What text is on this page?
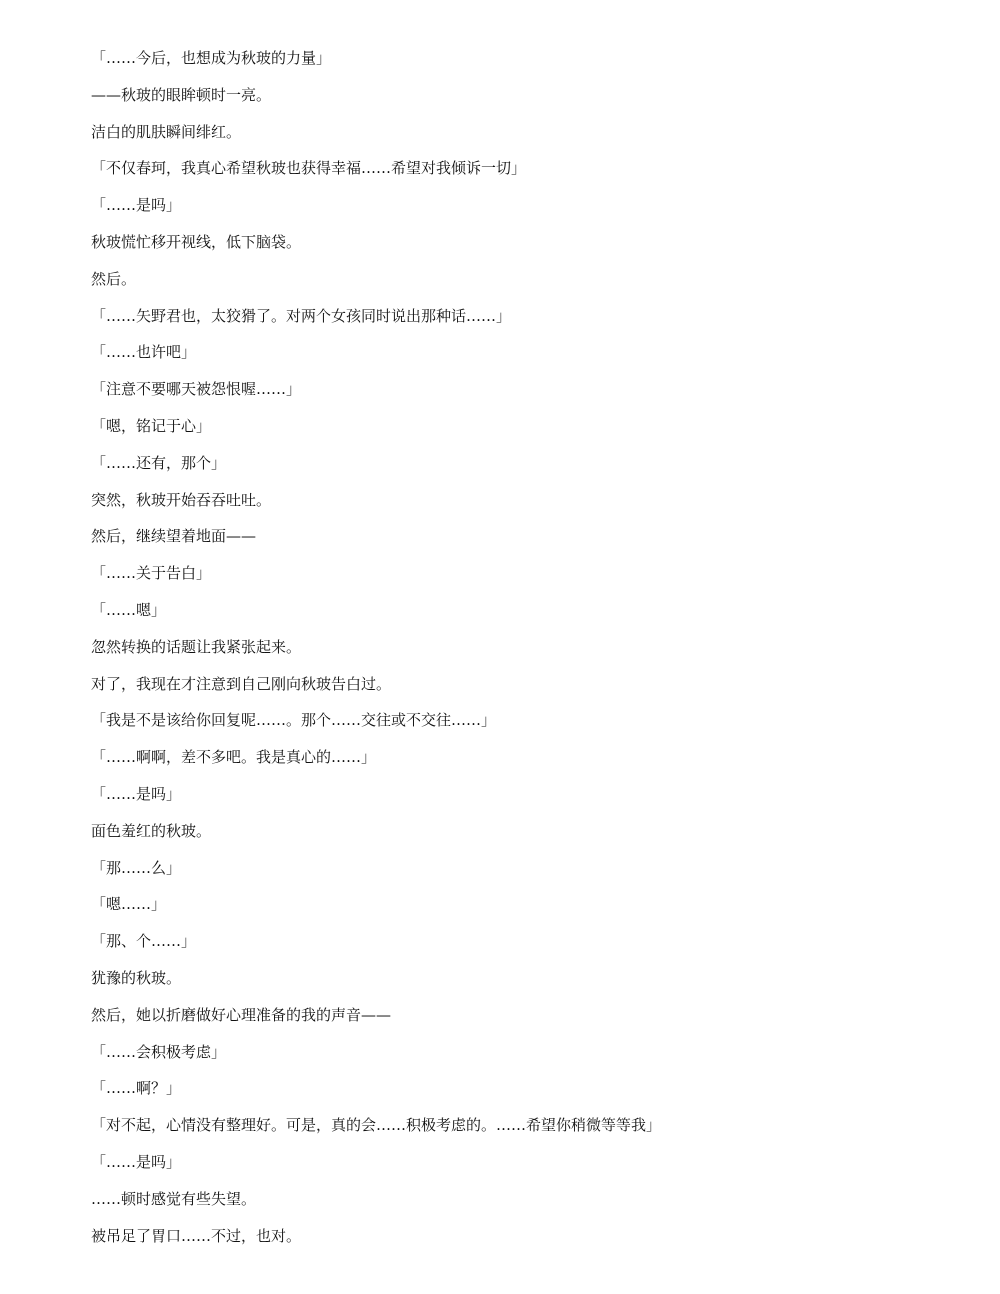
「……今后，也想成为秋玻的力量」
——秋玻的眼眸顿时一亮。
洁白的肌肤瞬间绯红。
「不仅春珂，我真心希望秋玻也获得幸福……希望对我倾诉一切」
「……是吗」
秋玻慌忙移开视线，低下脑袋。
然后。
「……矢野君也，太狡猾了。对两个女孩同时说出那种话……」
「……也许吧」
「注意不要哪天被怨恨喔……」
「嗯，铭记于心」
「……还有，那个」
突然，秋玻开始吞吞吐吐。
然后，继续望着地面——
「……关于告白」
「……嗯」
忽然转换的话题让我紧张起来。
对了，我现在才注意到自己刚向秋玻告白过。
「我是不是该给你回复呢……。那个……交往或不交往……」
「……啊啊，差不多吧。我是真心的……」
「……是吗」
面色羞红的秋玻。
「那……么」
「嗯……」
「那、个……」
犹豫的秋玻。
然后，她以折磨做好心理准备的我的声音——
「……会积极考虑」
「……啊？」
「对不起，心情没有整理好。可是，真的会……积极考虑的。……希望你稍微等等我」
「……是吗」
……顿时感觉有些失望。
被吊足了胃口……不过，也对。
